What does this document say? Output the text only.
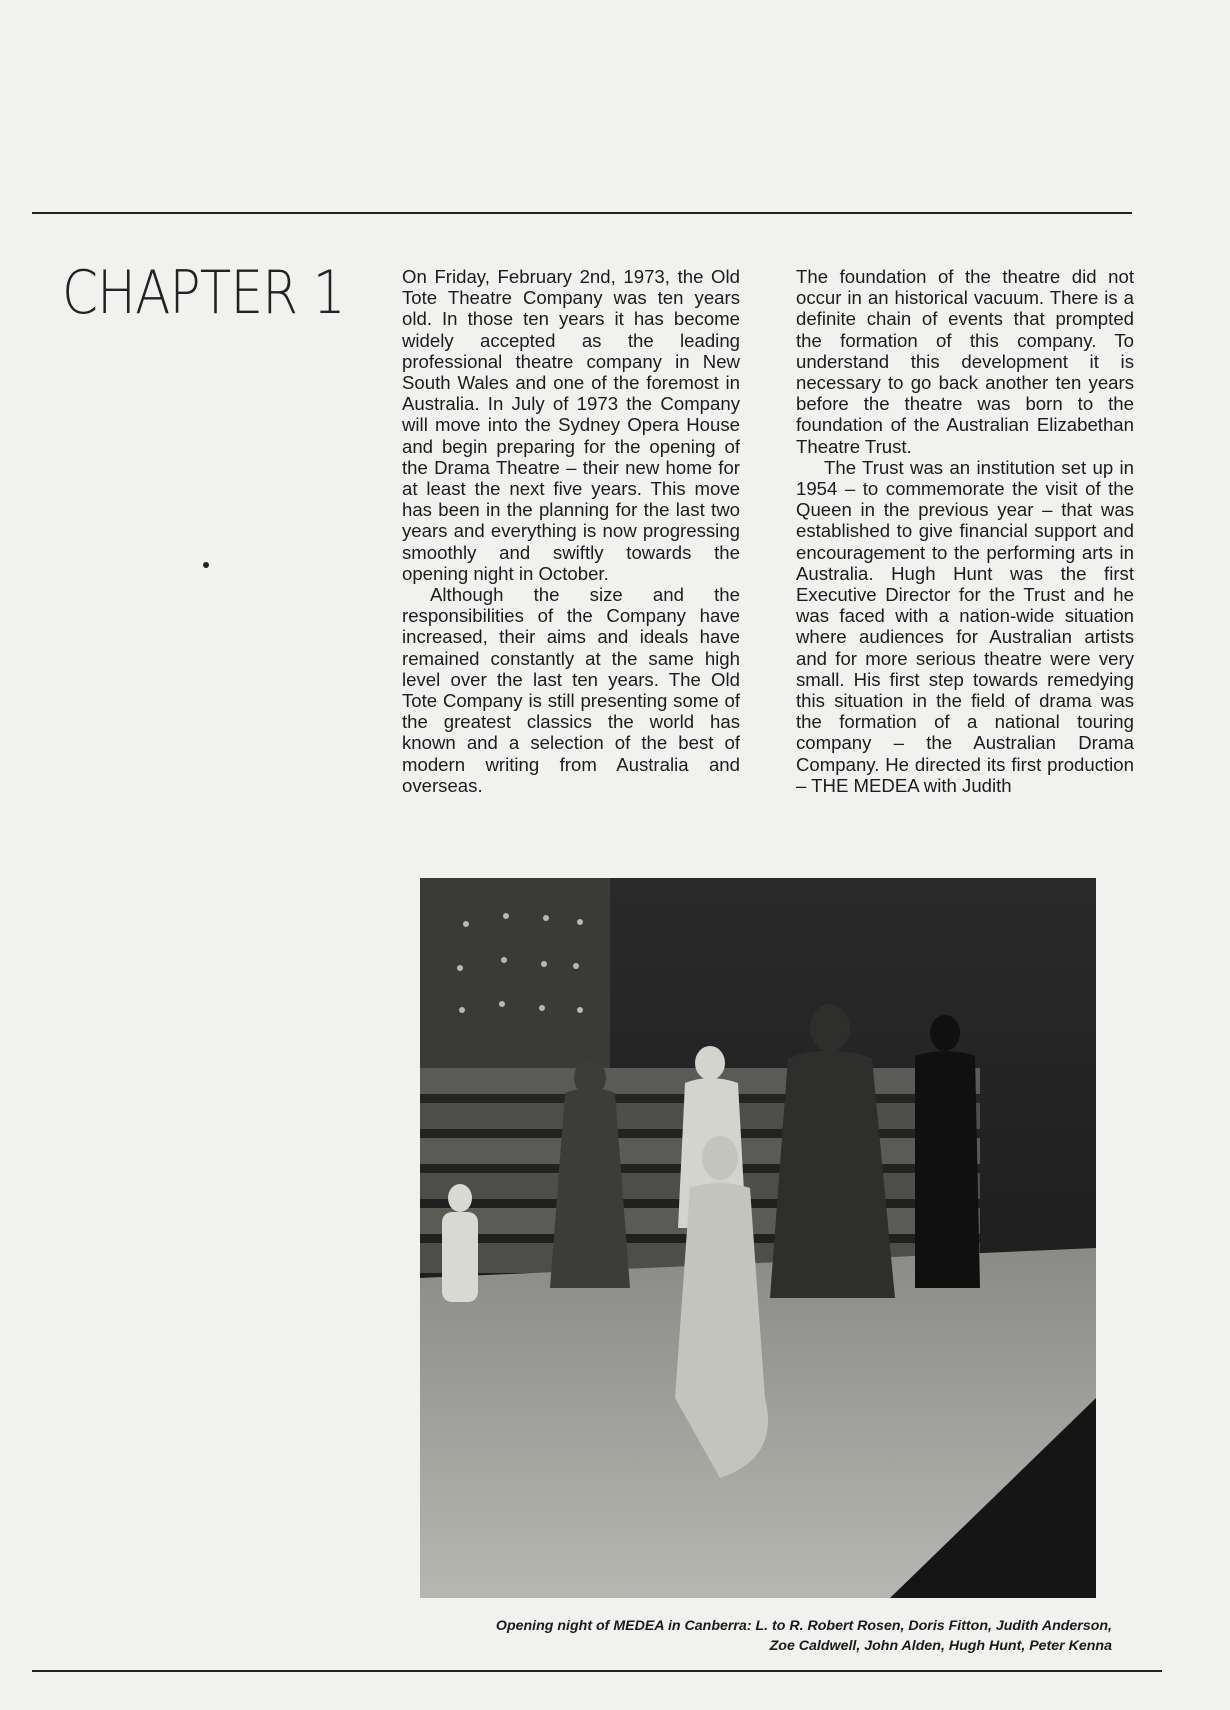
CHAPTER 1	On Friday, February 2nd, 1973, the Old Tote Theatre Company was ten years old. In those ten years it has become widely accepted as the leading professional theatre company in New South Wales and one of the foremost in Australia. In July of 1973 the Company will move into the Sydney Opera House and begin preparing for the opening of the Drama Theatre – their new home for at least the next five years. This move has been in the planning for the last two years and everything is now progressing smoothly and swiftly towards the opening night in October.

Although the size and the responsibilities of the Company have increased, their aims and ideals have remained constantly at the same high level over the last ten years. The Old Tote Company is still presenting some of the greatest classics the world has known and a selection of the best of modern writing from Australia and overseas.

The foundation of the theatre did not occur in an historical vacuum. There is a definite chain of events that prompted the formation of this company. To understand this development it is necessary to go back another ten years before the theatre was born to the foundation of the Australian Elizabethan Theatre Trust.

The Trust was an institution set up in 1954 – to commemorate the visit of the Queen in the previous year – that was established to give financial support and encouragement to the performing arts in Australia. Hugh Hunt was the first Executive Director for the Trust and he was faced with a nation-wide situation where audiences for Australian artists and for more serious theatre were very small. His first step towards remedying this situation in the field of drama was the formation of a national touring company – the Australian Drama Company. He directed its first production – THE MEDEA with Judith

Opening night of MEDEA in Canberra: L. to R. Robert Rosen, Doris Fitton, Judith Anderson,
Zoe Caldwell, John Alden, Hugh Hunt, Peter Kenna
